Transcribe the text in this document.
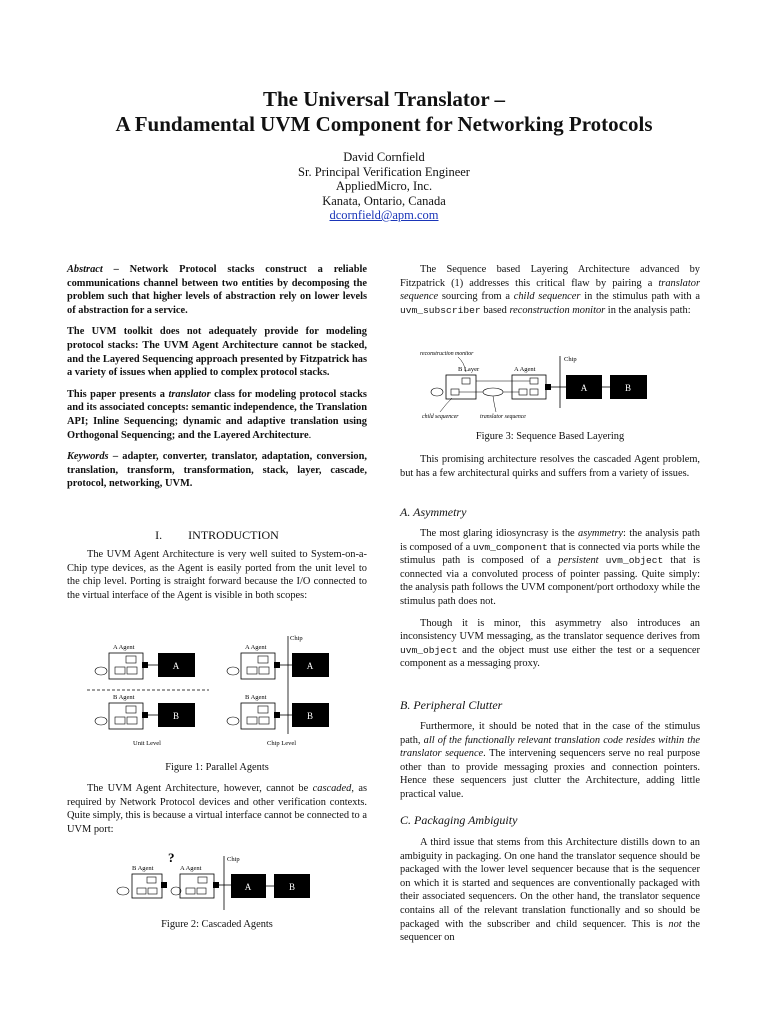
The Universal Translator –
A Fundamental UVM Component for Networking Protocols
David Cornfield
Sr. Principal Verification Engineer
AppliedMicro, Inc.
Kanata, Ontario, Canada
dcornfield@apm.com

Abstract – Network Protocol stacks construct a reliable communications channel between two entities by decomposing the problem such that higher levels of abstraction rely on lower levels of abstraction for a service.

The UVM toolkit does not adequately provide for modeling protocol stacks: The UVM Agent Architecture cannot be stacked, and the Layered Sequencing approach presented by Fitzpatrick has a variety of issues when applied to complex protocol stacks.

This paper presents a translator class for modeling protocol stacks and its associated concepts: semantic independence, the Translation API; Inline Sequencing; dynamic and adaptive translation using Orthogonal Sequencing; and the Layered Architecture.

Keywords – adapter, converter, translator, adaptation, conversion, translation, transform, transformation, stack, layer, cascade, protocol, networking, UVM.

I. INTRODUCTION

The UVM Agent Architecture is very well suited to System-on-a-Chip type devices, as the Agent is easily ported from the unit level to the chip level. Porting is straight forward because the I/O connected to the virtual interface of the Agent is visible in both scopes:

A Agent
A
B Agent
B
Unit Level
Chip
A Agent
A
B Agent
B
Chip Level
Figure 1: Parallel Agents

The UVM Agent Architecture, however, cannot be cascaded, as required by Network Protocol devices and other verification contexts. Quite simply, this is because a virtual interface cannot be connected to a UVM port:

?	Chip
B Agent	A Agent
A	B
Figure 2: Cascaded Agents

The Sequence based Layering Architecture advanced by Fitzpatrick (1) addresses this critical flaw by pairing a translator sequence sourcing from a child sequencer in the stimulus path with a uvm_subscriber based reconstruction monitor in the analysis path:

reconstruction monitor
Chip
B Layer	A Agent
A	B
child sequencer	translator sequence
Figure 3: Sequence Based Layering

This promising architecture resolves the cascaded Agent problem, but has a few architectural quirks and suffers from a variety of issues.

A. Asymmetry

The most glaring idiosyncrasy is the asymmetry: the analysis path is composed of a uvm_component that is connected via ports while the stimulus path is composed of a persistent uvm_object that is connected via a convoluted process of pointer passing. Quite simply: the analysis path follows the UVM component/port orthodoxy while the stimulus path does not.

Though it is minor, this asymmetry also introduces an inconsistency UVM messaging, as the translator sequence derives from uvm_object and the object must use either the test or a sequencer component as a messaging proxy.

B. Peripheral Clutter

Furthermore, it should be noted that in the case of the stimulus path, all of the functionally relevant translation code resides within the translator sequence. The intervening sequencers serve no real purpose other than to provide messaging proxies and connection pointers. Hence these sequencers just clutter the Architecture, adding little practical value.

C. Packaging Ambiguity

A third issue that stems from this Architecture distills down to an ambiguity in packaging. On one hand the translator sequence should be packaged with the lower level sequencer because that is the sequencer on which it is started and sequences are conventionally packaged with their associated sequencers. On the other hand, the translator sequence contains all of the relevant translation functionally and so should be packaged with the subscriber and child sequencer. This is not the sequencer on
